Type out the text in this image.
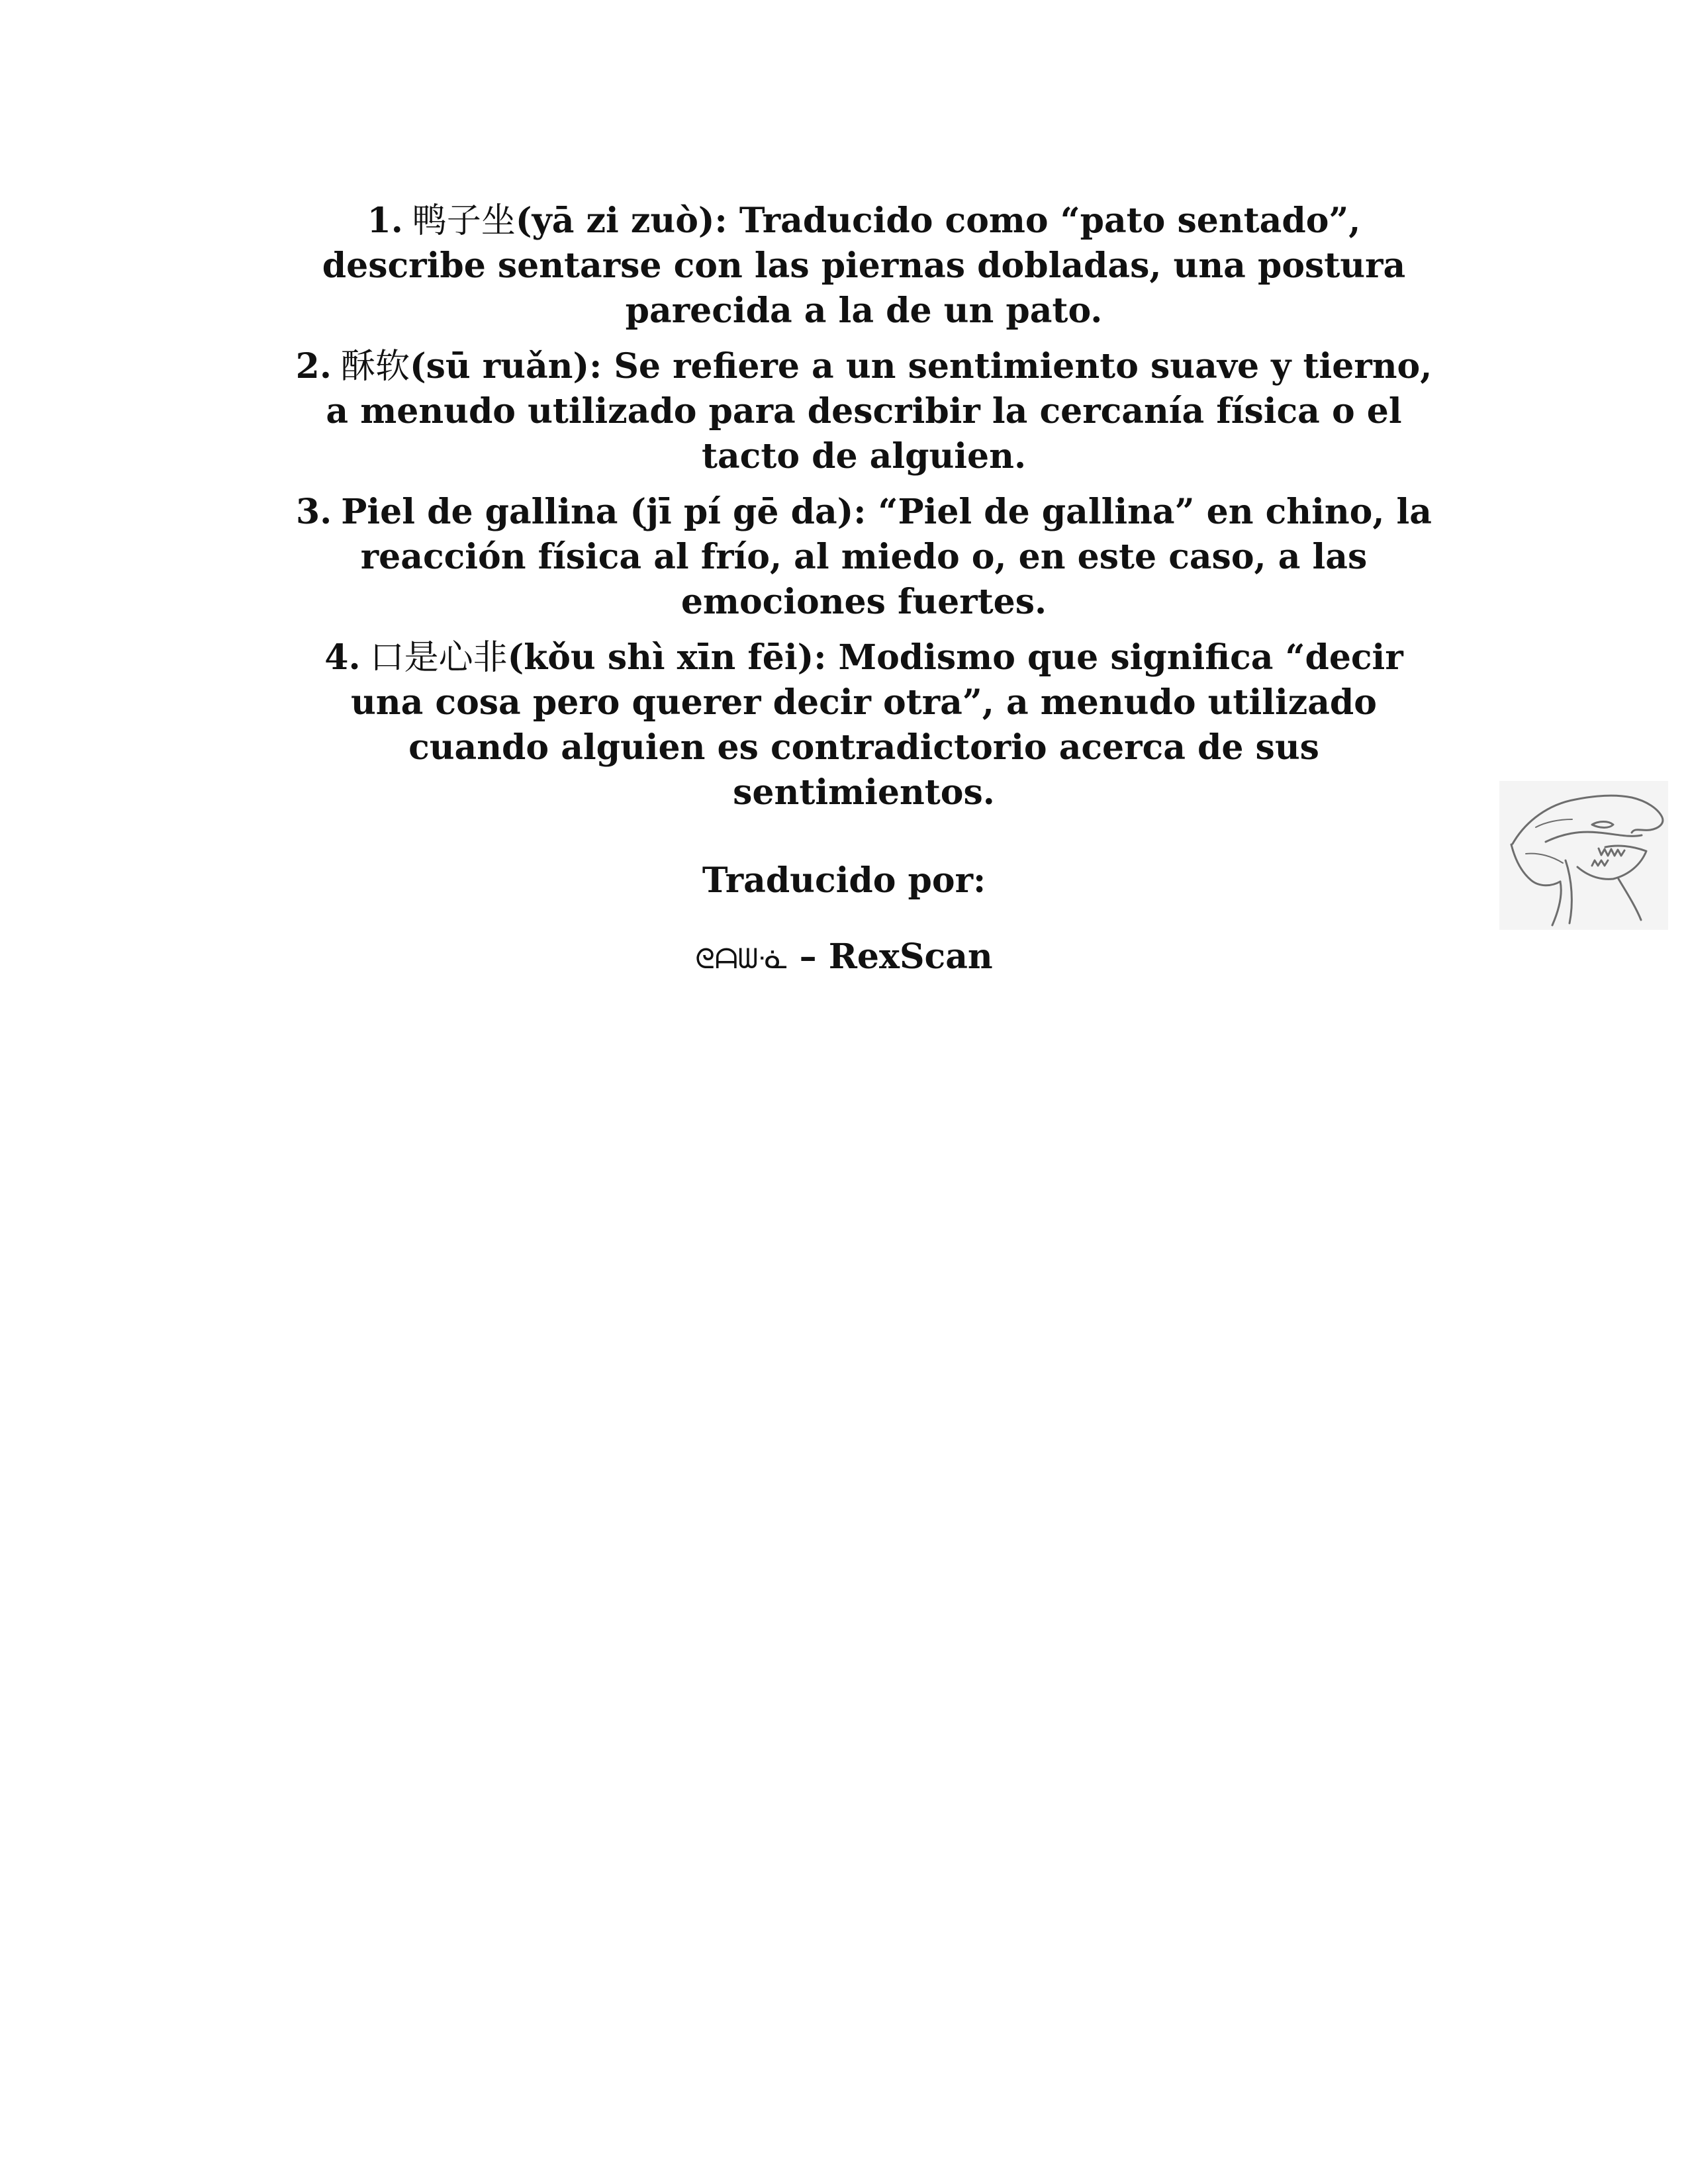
1. 鸭子坐(yā zi zuò): Traducido como “pato sentado”, describe sentarse con las piernas dobladas, una postura parecida a la de un pato.

2. 酥软(sū ruǎn): Se refiere a un sentimiento suave y tierno, a menudo utilizado para describir la cercanía física o el tacto de alguien.

3. Piel de gallina (jī pí gē da): “Piel de gallina” en chino, la reacción física al frío, al miedo o, en este caso, a las emociones fuertes.

4. 口是心非(kǒu shì xīn fēi): Modismo que significa “decir una cosa pero querer decir otra”, a menudo utilizado cuando alguien es contradictorio acerca de sus sentimientos.

Traducido por:
ᘓᗩᗯᓍ – RexScan
